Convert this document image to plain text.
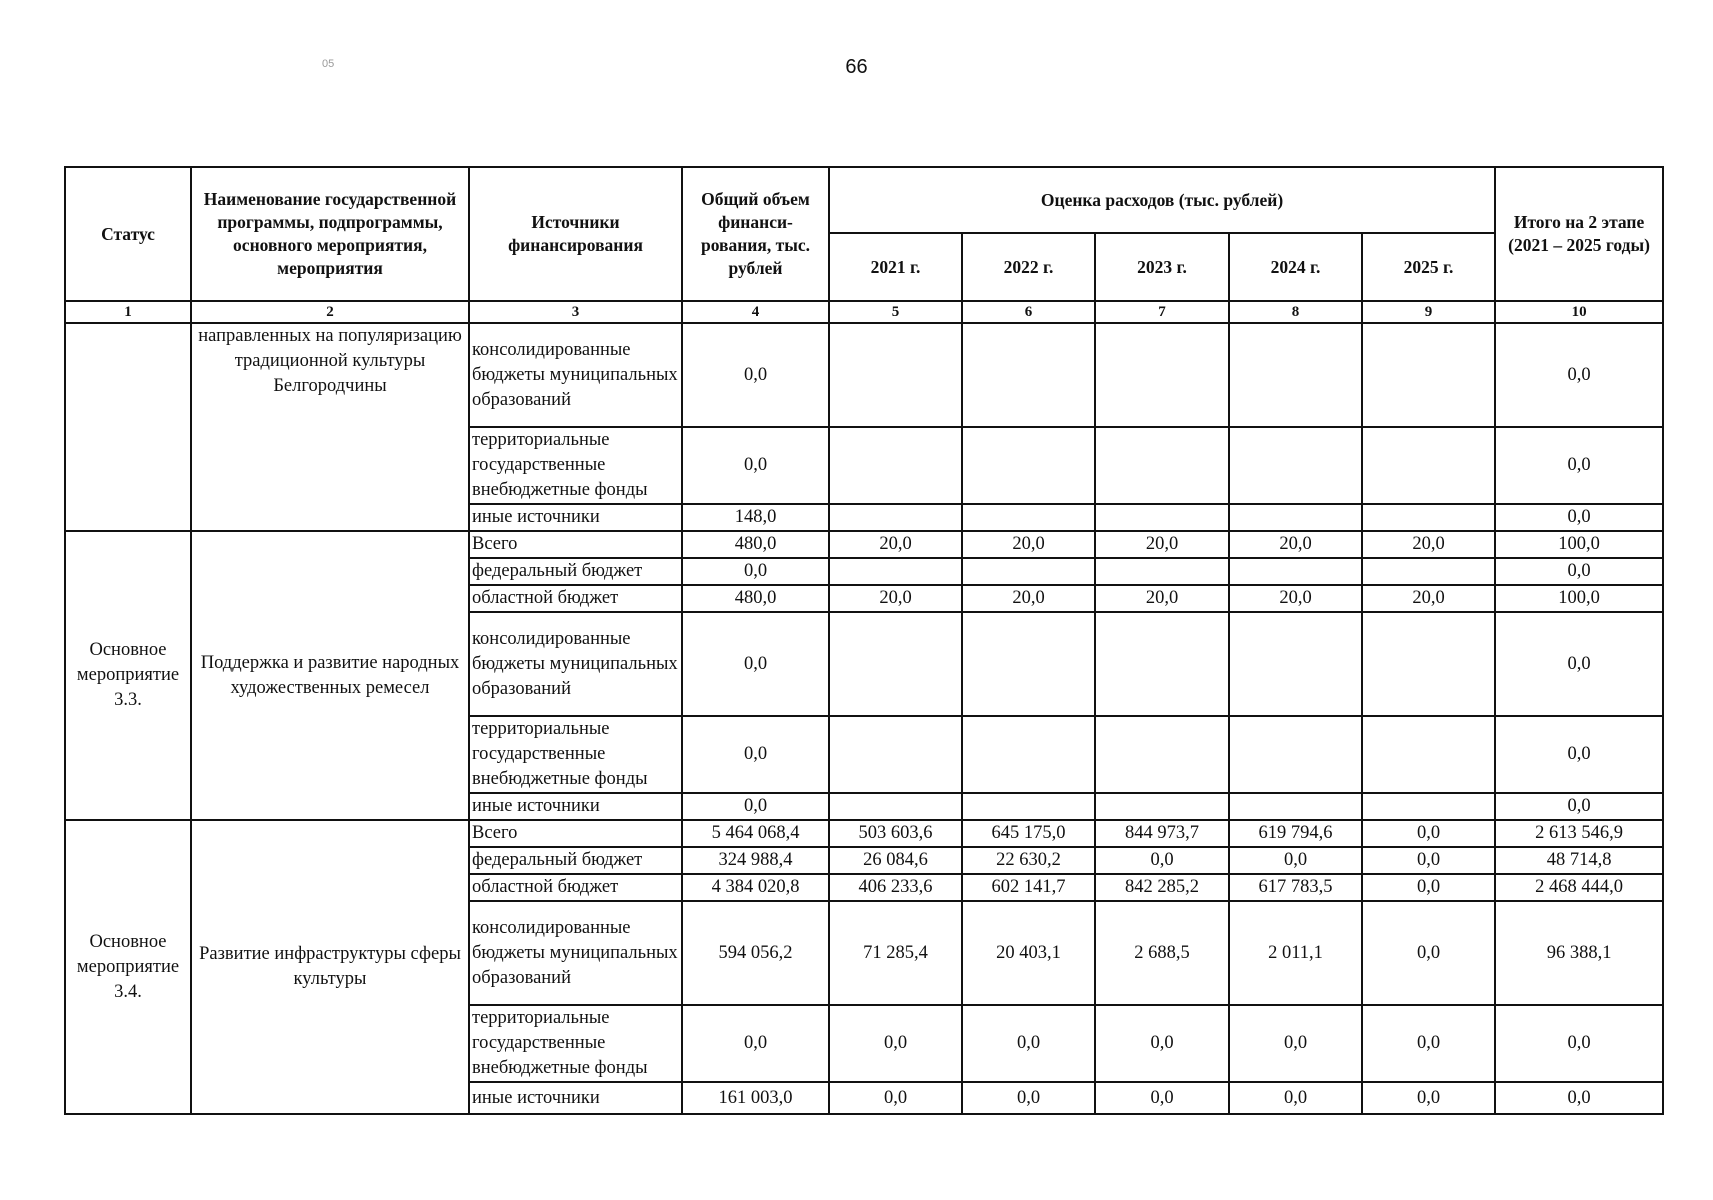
66
05
Статус	Наименование государственной программы, подпрограммы, основного мероприятия, мероприятия	Источники финансирования	Общий объем финанси-рования, тыс. рублей	Оценка расходов (тыс. рублей)					Итого на 2 этапе (2021 – 2025 годы)
				2021 г.	2022 г.	2023 г.	2024 г.	2025 г.	
1	2	3	4	5	6	7	8	9	10
	направленных на популяризацию традиционной культуры Белгородчины	консолидированные бюджеты муниципальных образований	0,0						0,0
		территориальные государственные внебюджетные фонды	0,0						0,0
		иные источники	148,0						0,0
Основное мероприятие 3.3.	Поддержка и развитие народных художественных ремесел	Всего	480,0	20,0	20,0	20,0	20,0	20,0	100,0
		федеральный бюджет	0,0						0,0
		областной бюджет	480,0	20,0	20,0	20,0	20,0	20,0	100,0
		консолидированные бюджеты муниципальных образований	0,0						0,0
		территориальные государственные внебюджетные фонды	0,0						0,0
		иные источники	0,0						0,0
Основное мероприятие 3.4.	Развитие инфраструктуры сферы культуры	Всего	5 464 068,4	503 603,6	645 175,0	844 973,7	619 794,6	0,0	2 613 546,9
		федеральный бюджет	324 988,4	26 084,6	22 630,2	0,0	0,0	0,0	48 714,8
		областной бюджет	4 384 020,8	406 233,6	602 141,7	842 285,2	617 783,5	0,0	2 468 444,0
		консолидированные бюджеты муниципальных образований	594 056,2	71 285,4	20 403,1	2 688,5	2 011,1	0,0	96 388,1
		территориальные государственные внебюджетные фонды	0,0	0,0	0,0	0,0	0,0	0,0	0,0
		иные источники	161 003,0	0,0	0,0	0,0	0,0	0,0	0,0
